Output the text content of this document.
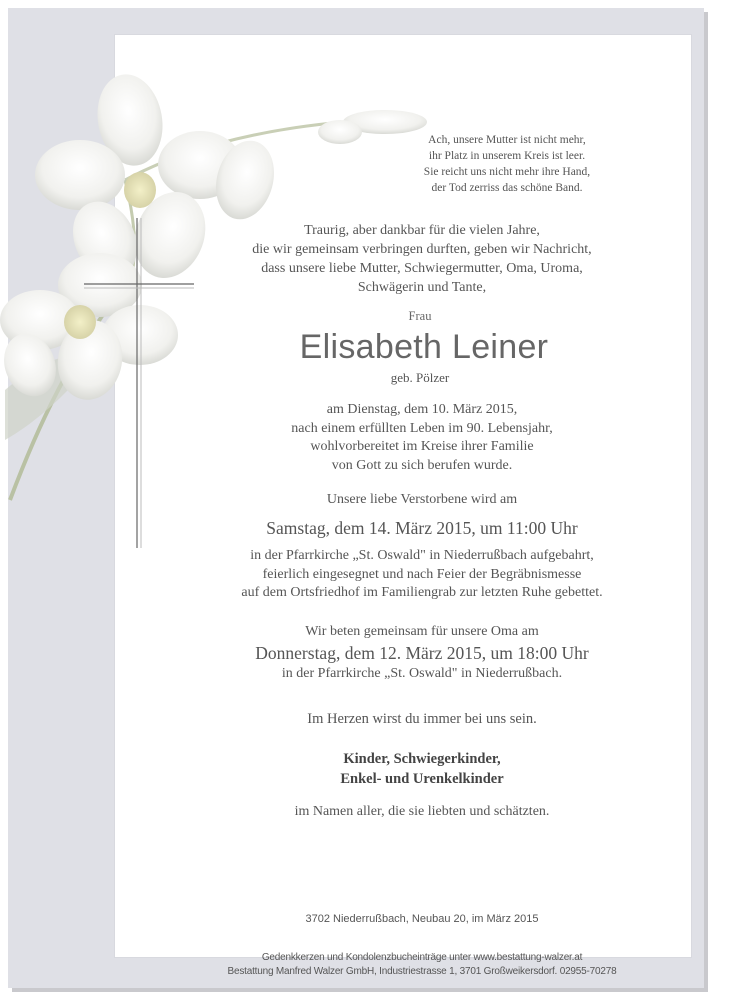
Ach, unsere Mutter ist nicht mehr,
ihr Platz in unserem Kreis ist leer.
Sie reicht uns nicht mehr ihre Hand,
der Tod zerriss das schöne Band.
Traurig, aber dankbar für die vielen Jahre,
die wir gemeinsam verbringen durften, geben wir Nachricht,
dass unsere liebe Mutter, Schwiegermutter, Oma, Uroma,
Schwägerin und Tante,
Frau
Elisabeth Leiner
geb. Pölzer
am Dienstag, dem 10. März 2015,
nach einem erfüllten Leben im 90. Lebensjahr,
wohlvorbereitet im Kreise ihrer Familie
von Gott zu sich berufen wurde.
Unsere liebe Verstorbene wird am
Samstag, dem 14. März 2015, um 11:00 Uhr
in der Pfarrkirche „St. Oswald" in Niederrußbach aufgebahrt,
feierlich eingesegnet und nach Feier der Begräbnismesse
auf dem Ortsfriedhof im Familiengrab zur letzten Ruhe gebettet.
Wir beten gemeinsam für unsere Oma am
Donnerstag, dem 12. März 2015, um 18:00 Uhr
in der Pfarrkirche „St. Oswald" in Niederrußbach.
Im Herzen wirst du immer bei uns sein.
Kinder, Schwiegerkinder,
Enkel- und Urenkelkinder
im Namen aller, die sie liebten und schätzten.
3702 Niederrußbach, Neubau 20, im März 2015
Gedenkkerzen und Kondolenzbucheinträge unter www.bestattung-walzer.at
Bestattung Manfred Walzer GmbH, Industriestrasse 1, 3701 Großweikersdorf. 02955-70278
